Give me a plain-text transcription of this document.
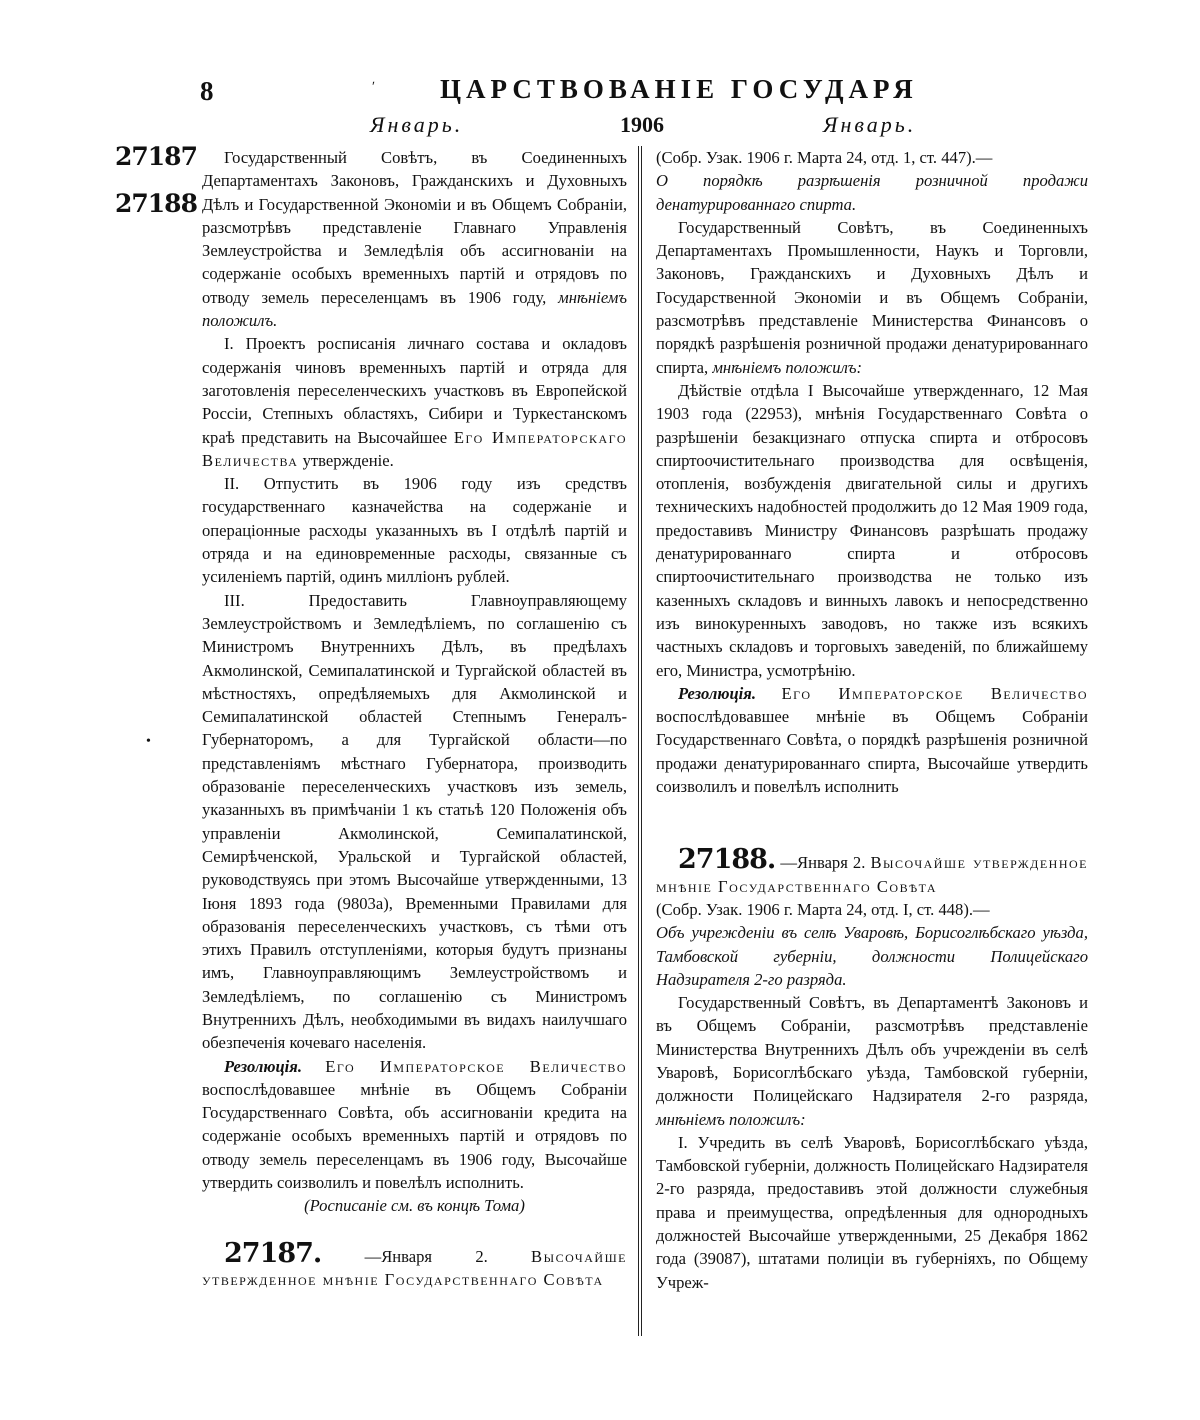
8	ʹ ЦАРСТВОВАНІЕ ГОСУДАРЯ
Январь.	1906	Январь.
27187
27188
•

Государственный Совѣтъ, въ Соединенныхъ Департаментахъ Законовъ, Гражданскихъ и Духовныхъ Дѣлъ и Государственной Экономіи и въ Общемъ Собраніи, разсмотрѣвъ представленіе Главнаго Управленія Землеустройства и Земледѣлія объ ассигнованіи на содержаніе особыхъ временныхъ партій и отрядовъ по отводу земель переселенцамъ въ 1906 году, мнѣніемъ положилъ.

I. Проектъ росписанія личнаго состава и окладовъ содержанія чиновъ временныхъ партій и отряда для заготовленія переселенческихъ участковъ въ Европейской Россіи, Степныхъ областяхъ, Сибири и Туркестанскомъ краѣ представить на Высочайшее Его Императорскаго Величества утвержденіе.

II. Отпустить въ 1906 году изъ средствъ государственнаго казначейства на содержаніе и операціонные расходы указанныхъ въ I отдѣлѣ партій и отряда и на единовременные расходы, связанные съ усиленіемъ партій, одинъ милліонъ рублей.

III. Предоставить Главноуправляющему Землеустройствомъ и Земледѣліемъ, по соглашенію съ Министромъ Внутреннихъ Дѣлъ, въ предѣлахъ Акмолинской, Семипалатинской и Тургайской областей въ мѣстностяхъ, опредѣляемыхъ для Акмолинской и Семипалатинской областей Степнымъ Генералъ-Губернаторомъ, а для Тургайской области—по представленіямъ мѣстнаго Губернатора, производить образованіе переселенческихъ участковъ изъ земель, указанныхъ въ примѣчаніи 1 къ статьѣ 120 Положенія объ управленіи Акмолинской, Семипалатинской, Семирѣченской, Уральской и Тургайской областей, руководствуясь при этомъ Высочайше утвержденными, 13 Іюня 1893 года (9803а), Временными Правилами для образованія переселенческихъ участковъ, съ тѣми отъ этихъ Правилъ отступленіями, которыя будутъ признаны имъ, Главноуправляющимъ Землеустройствомъ и Земледѣліемъ, по соглашенію съ Министромъ Внутреннихъ Дѣлъ, необходимыми въ видахъ наилучшаго обезпеченія кочеваго населенія.

Резолюція. Его Императорское Величество воспослѣдовавшее мнѣніе въ Общемъ Собраніи Государственнаго Совѣта, объ ассигнованіи кредита на содержаніе особыхъ временныхъ партій и отрядовъ по отводу земель переселенцамъ въ 1906 году, Высочайше утвердить соизволилъ и повелѣлъ исполнить.

(Росписаніе см. въ концѣ Тома)

27187.	—Января 2.	Высочайше утвержденное мнѣніе Государственнаго Совѣта

(Собр. Узак. 1906 г. Марта 24, отд. 1, ст. 447).—

О порядкѣ разрѣшенія розничной продажи денатурированнаго спирта.

Государственный Совѣтъ, въ Соединенныхъ Департаментахъ Промышленности, Наукъ и Торговли, Законовъ, Гражданскихъ и Духовныхъ Дѣлъ и Государственной Экономіи и въ Общемъ Собраніи, разсмотрѣвъ представленіе Министерства Финансовъ о порядкѣ разрѣшенія розничной продажи денатурированнаго спирта, мнѣніемъ положилъ:

Дѣйствіе отдѣла I Высочайше утвержденнаго, 12 Мая 1903 года (22953), мнѣнія Государственнаго Совѣта о разрѣшеніи безакцизнаго отпуска спирта и отбросовъ спиртоочистительнаго производства для освѣщенія, отопленія, возбужденія двигательной силы и другихъ техническихъ надобностей продолжить до 12 Мая 1909 года, предоставивъ Министру Финансовъ разрѣшать продажу денатурированнаго спирта и отбросовъ спиртоочистительнаго производства не только изъ казенныхъ складовъ и винныхъ лавокъ и непосредственно изъ винокуренныхъ заводовъ, но также изъ всякихъ частныхъ складовъ и торговыхъ заведеній, по ближайшему его, Министра, усмотрѣнію.

Резолюція. Его Императорское Величество воспослѣдовавшее мнѣніе въ Общемъ Собраніи Государственнаго Совѣта, о порядкѣ разрѣшенія розничной продажи денатурированнаго спирта, Высочайше утвердить соизволилъ и повелѣлъ исполнить

27188. —Января 2. Высочайше утвержденное мнѣніе Государственнаго Совѣта

(Собр. Узак. 1906 г. Марта 24, отд. I, ст. 448).—

Объ учрежденіи въ селѣ Уваровѣ, Борисоглѣбскаго уѣзда, Тамбовской губерніи, должности Полицейскаго Надзирателя 2-го разряда.

Государственный Совѣтъ, въ Департаментѣ Законовъ и въ Общемъ Собраніи, разсмотрѣвъ представленіе Министерства Внутреннихъ Дѣлъ объ учрежденіи въ селѣ Уваровѣ, Борисоглѣбскаго уѣзда, Тамбовской губерніи, должности Полицейскаго Надзирателя 2-го разряда, мнѣніемъ положилъ:

I. Учредить въ селѣ Уваровѣ, Борисоглѣбскаго уѣзда, Тамбовской губерніи, должность Полицейскаго Надзирателя 2-го разряда, предоставивъ этой должности служебныя права и преимущества, опредѣленныя для однородныхъ должностей Высочайше утвержденными, 25 Декабря 1862 года (39087), штатами полиціи въ губерніяхъ, по Общему Учреж-
